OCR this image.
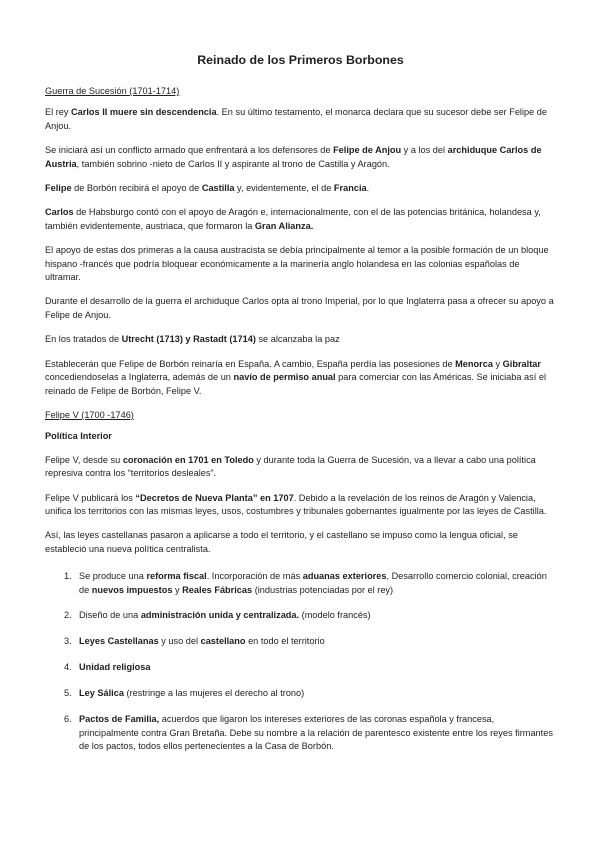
Reinado de los Primeros Borbones

Guerra de Sucesión (1701-1714)

El rey Carlos II muere sin descendencia. En su último testamento, el monarca declara que su sucesor debe ser Felipe de Anjou.

Se iniciará así un conflicto armado que enfrentará a los defensores de Felipe de Anjou y a los del archiduque Carlos de Austria, también sobrino -nieto de Carlos II y aspirante al trono de Castilla y Aragón.

Felipe de Borbón recibirá el apoyo de Castilla y, evidentemente, el de Francia.

Carlos de Habsburgo contó con el apoyo de Aragón e, internacionalmente, con el de las potencias británica, holandesa y, también evidentemente, austriaca, que formaron la Gran Alianza.

El apoyo de estas dos primeras a la causa austracista se debía principalmente al temor a la posible formación de un bloque hispano -francés que podría bloquear económicamente a la marinería anglo holandesa en las colonias españolas de ultramar.

Durante el desarrollo de la guerra el archiduque Carlos opta al trono Imperial, por lo que Inglaterra pasa a ofrecer su apoyo a Felipe de Anjou.

En los tratados de Utrecht (1713) y Rastadt (1714) se alcanzaba la paz

Establecerán que Felipe de Borbón reinaría en España. A cambio, España perdía las posesiones de Menorca y Gibraltar concediendoselas a Inglaterra, además de un navío de permiso anual para comerciar con las Américas. Se iniciaba así el reinado de Felipe de Borbón, Felipe V.

Felipe V (1700 -1746)

Política Interior

Felipe V, desde su coronación en 1701 en Toledo y durante toda la Guerra de Sucesión, va a llevar a cabo una política represiva contra los “territorios desleales”.

Felipe V publicará los “Decretos de Nueva Planta” en 1707. Debido a la revelación de los reinos de Aragón y Valencia, unifica los territorios con las mismas leyes, usos, costumbres y tribunales gobernantes igualmente por las leyes de Castilla.

Así, las leyes castellanas pasaron a aplicarse a todo el territorio, y el castellano se impuso como la lengua oficial, se estableció una nueva política centralista.

1. Se produce una reforma fiscal. Incorporación de más aduanas exteriores, Desarrollo comercio colonial, creación de nuevos impuestos y Reales Fábricas (industrias potenciadas por el rey)
2. Diseño de una administración unida y centralizada. (modelo francés)
3. Leyes Castellanas y uso del castellano en todo el territorio
4. Unidad religiosa
5. Ley Sálica (restringe a las mujeres el derecho al trono)
6. Pactos de Familia, acuerdos que ligaron los intereses exteriores de las coronas española y francesa, principalmente contra Gran Bretaña. Debe su nombre a la relación de parentesco existente entre los reyes firmantes de los pactos, todos ellos pertenecientes a la Casa de Borbón.
